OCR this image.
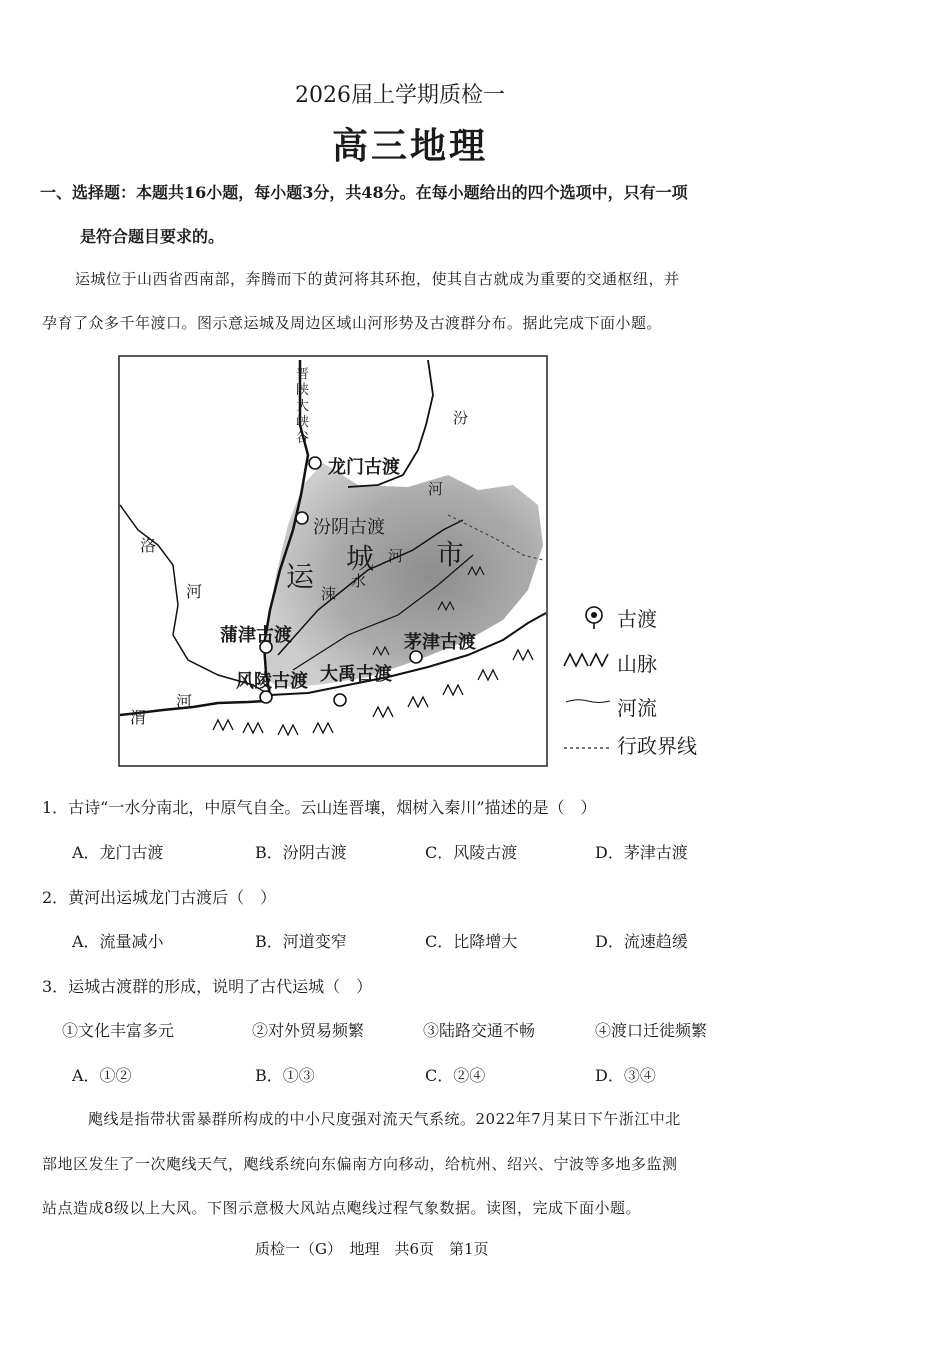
2026届上学期质检一
高三地理
一、选择题：本题共16小题，每小题3分，共48分。在每小题给出的四个选项中，只有一项
是符合题目要求的。
运城位于山西省西南部，奔腾而下的黄河将其环抱，使其自古就成为重要的交通枢纽，并
孕育了众多千年渡口。图示意运城及周边区域山河形势及古渡群分布。据此完成下面小题。
晋陕大峡谷
汾
河
龙门古渡
汾阴古渡
运
城 市
河
水
涑
洛
河
蒲津古渡	茅津古渡
风陵古渡 大禹古渡
渭
河
古渡
山脉
河流
行政界线
1．古诗“一水分南北，中原气自全。云山连晋壤，烟树入秦川”描述的是（　）
A．龙门古渡	B．汾阴古渡	C．风陵古渡	D．茅津古渡
2．黄河出运城龙门古渡后（　）
A．流量减小	B．河道变窄	C．比降增大	D．流速趋缓
3．运城古渡群的形成，说明了古代运城（　）
①文化丰富多元	②对外贸易频繁	③陆路交通不畅	④渡口迁徙频繁
A．①②	B．①③	C．②④	D．③④
飑线是指带状雷暴群所构成的中小尺度强对流天气系统。2022年7月某日下午浙江中北
部地区发生了一次飑线天气，飑线系统向东偏南方向移动，给杭州、绍兴、宁波等多地多监测
站点造成8级以上大风。下图示意极大风站点飑线过程气象数据。读图，完成下面小题。
质检一（G）　地理　共6页　第1页
